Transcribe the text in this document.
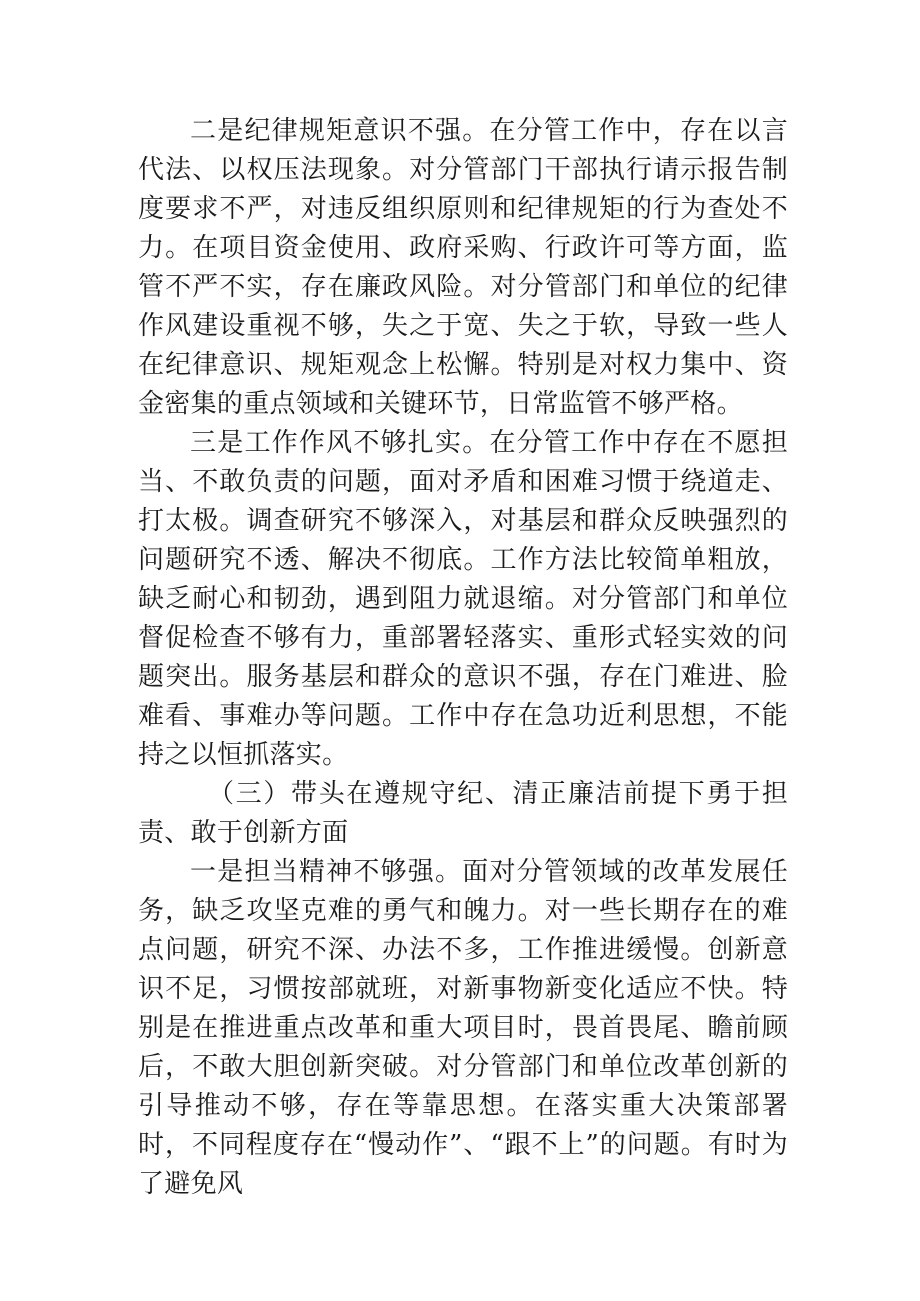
二是纪律规矩意识不强。在分管工作中，存在以言代法、以权压法现象。对分管部门干部执行请示报告制度要求不严，对违反组织原则和纪律规矩的行为查处不力。在项目资金使用、政府采购、行政许可等方面，监管不严不实，存在廉政风险。对分管部门和单位的纪律作风建设重视不够，失之于宽、失之于软，导致一些人在纪律意识、规矩观念上松懈。特别是对权力集中、资金密集的重点领域和关键环节，日常监管不够严格。

三是工作作风不够扎实。在分管工作中存在不愿担当、不敢负责的问题，面对矛盾和困难习惯于绕道走、打太极。调查研究不够深入，对基层和群众反映强烈的问题研究不透、解决不彻底。工作方法比较简单粗放，缺乏耐心和韧劲，遇到阻力就退缩。对分管部门和单位督促检查不够有力，重部署轻落实、重形式轻实效的问题突出。服务基层和群众的意识不强，存在门难进、脸难看、事难办等问题。工作中存在急功近利思想，不能持之以恒抓落实。

（三）带头在遵规守纪、清正廉洁前提下勇于担责、敢于创新方面

一是担当精神不够强。面对分管领域的改革发展任务，缺乏攻坚克难的勇气和魄力。对一些长期存在的难点问题，研究不深、办法不多，工作推进缓慢。创新意识不足，习惯按部就班，对新事物新变化适应不快。特别是在推进重点改革和重大项目时，畏首畏尾、瞻前顾后，不敢大胆创新突破。对分管部门和单位改革创新的引导推动不够，存在等靠思想。在落实重大决策部署时，不同程度存在“慢动作”、“跟不上”的问题。有时为了避免风
